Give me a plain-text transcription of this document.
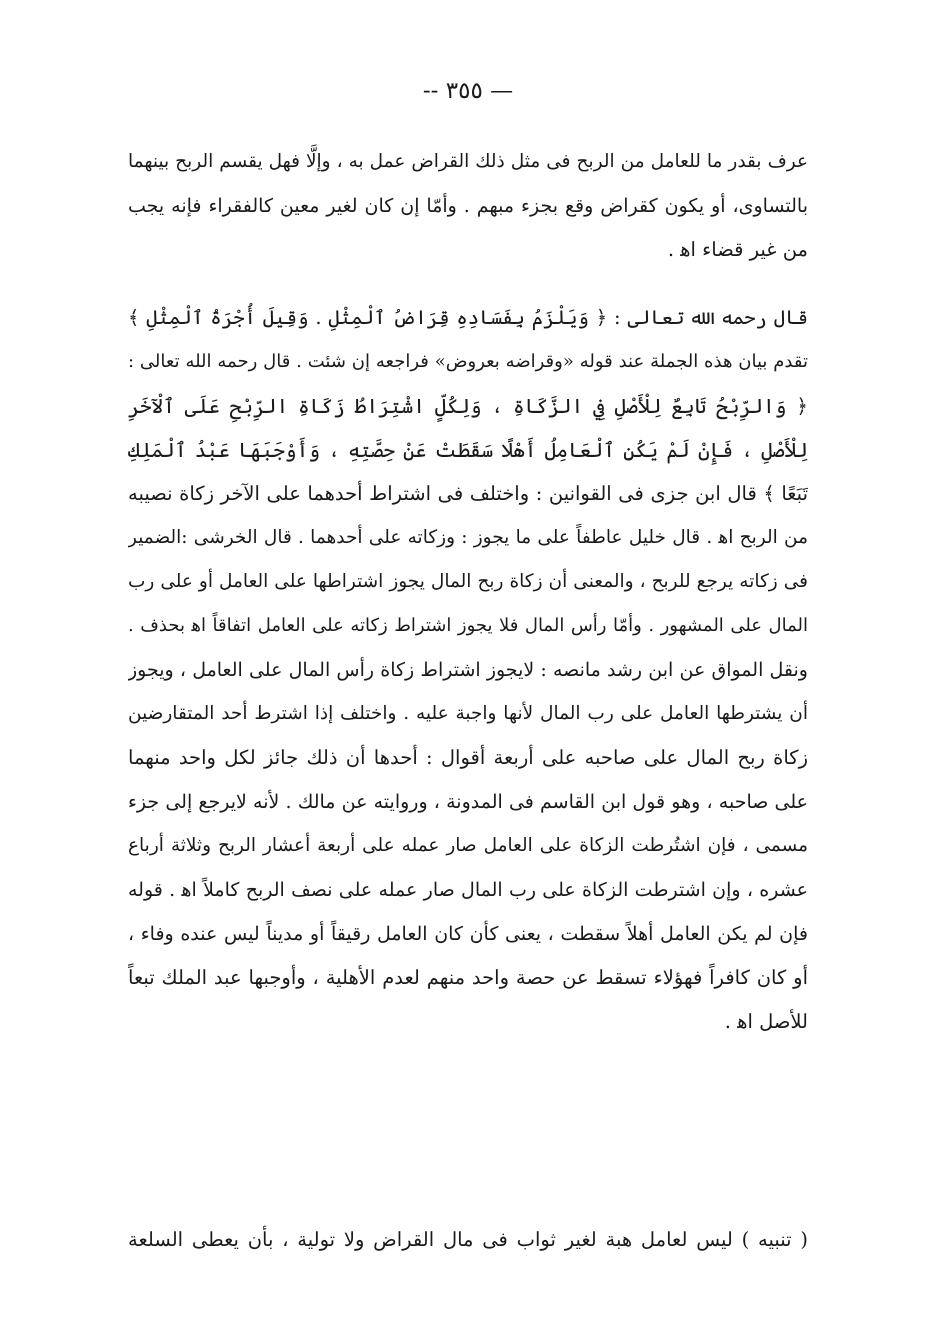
— ٣٥٥ --
عرف بقدر ما للعامل من الربح فى مثل ذلك القراض عمل به ، وإلَّا فهل يقسم الربح بينهما
بالتساوى، أو يكون كقراض وقع بجزء مبهم . وأمّا إن كان لغير معين كالفقراء فإنه يجب
من غير قضاء اﻫ .
قال رحمه الله تعالى : ﴿ وَيَلْزَمُ بِفَسَادِهِ قِرَاضُ ٱلْمِثْلِ . وَقِيلَ أُجْرَةُ ٱلْمِثْلِ ﴾
تقدم بيان هذه الجملة عند قوله «وقراضه بعروض» فراجعه إن شئت . قال رحمه الله تعالى :
﴿ وَالرِّبْحُ تَابِعٌ لِلْأَصْلِ فِي الزَّكَاةِ ، وَلِكُلٍّ اشْتِرَاطُ زَكَاةِ الرِّبْحِ عَلَى ٱلْآخَرِ
لِلْأَصْلِ ، فَإِنْ لَمْ يَكُنِ ٱلْعَامِلُ أَهْلًا سَقَطَتْ عَنْ حِصَّتِهِ ، وَأَوْجَبَهَا عَبْدُ ٱلْمَلِكِ
تَبَعًا ﴾ قال ابن جزى فى القوانين : واختلف فى اشتراط أحدهما على الآخر زكاة نصيبه
من الربح اﻫ . قال خليل عاطفاً على ما يجوز : وزكاته على أحدهما . قال الخرشى :الضمير
فى زكاته يرجع للربح ، والمعنى أن زكاة ربح المال يجوز اشتراطها على العامل أو على رب
المال على المشهور . وأمّا رأس المال فلا يجوز اشتراط زكاته على العامل اتفاقاً اﻫ بحذف .
ونقل المواق عن ابن رشد مانصه : لايجوز اشتراط زكاة رأس المال على العامل ، ويجوز
أن يشترطها العامل على رب المال لأنها واجبة عليه . واختلف إذا اشترط أحد المتقارضين
زكاة ربح المال على صاحبه على أربعة أقوال : أحدها أن ذلك جائز لكل واحد منهما
على صاحبه ، وهو قول ابن القاسم فى المدونة ، وروايته عن مالك . لأنه لايرجع إلى جزء
مسمى ، فإن اشتُرطت الزكاة على العامل صار عمله على أربعة أعشار الربح وثلاثة أرباع
عشره ، وإن اشترطت الزكاة على رب المال صار عمله على نصف الربح كاملاً اﻫ . قوله
فإن لم يكن العامل أهلاً سقطت ، يعنى كأن كان العامل رقيقاً أو مديناً ليس عنده وفاء ،
أو كان كافراً فهؤلاء تسقط عن حصة واحد منهم لعدم الأهلية ، وأوجبها عبد الملك تبعاً
للأصل اﻫ .
( تنبيه ) ليس لعامل هبة لغير ثواب فى مال القراض ولا تولية ، بأن يعطى السلعة
